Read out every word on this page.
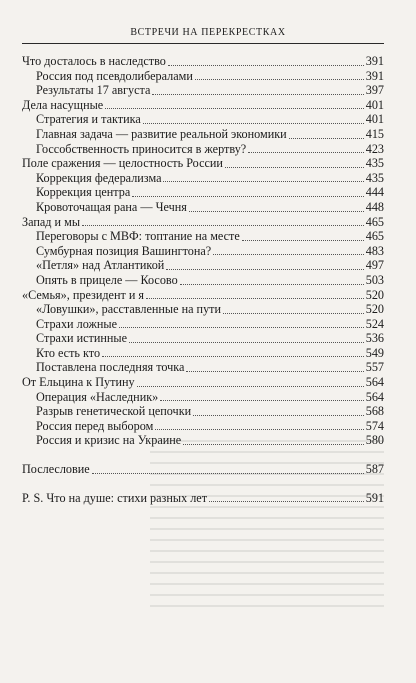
ВСТРЕЧИ НА ПЕРЕКРЕСТКАХ
Что досталось в наследство	391
Россия под псевдолибералами	391
Результаты 17 августа	397
Дела насущные	401
Стратегия и тактика	401
Главная задача — развитие реальной экономики	415
Госсобственность приносится в жертву?	423
Поле сражения — целостность России	435
Коррекция федерализма	435
Коррекция центра	444
Кровоточащая рана — Чечня	448
Запад и мы	465
Переговоры с МВФ: топтание на месте	465
Сумбурная позиция Вашингтона?	483
«Петля» над Атлантикой	497
Опять в прицеле — Косово	503
«Семья», президент и я	520
«Ловушки», расставленные на пути	520
Страхи ложные	524
Страхи истинные	536
Кто есть кто	549
Поставлена последняя точка	557
От Ельцина к Путину	564
Операция «Наследник»	564
Разрыв генетической цепочки	568
Россия перед выбором	574
Россия и кризис на Украине	580
Послесловие	587
P. S. Что на душе: стихи разных лет	591
